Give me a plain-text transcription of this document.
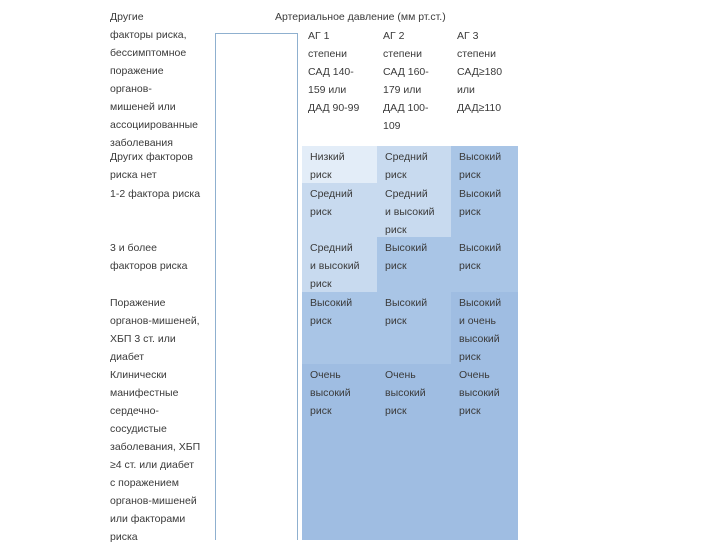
Другие
факторы риска,
бессимптомное
поражение
органов-
мишеней или
ассоциированные
заболевания
Артериальное давление (мм рт.ст.)
АГ 1
степени
САД 140-
159 или
ДАД 90-99
АГ 2
степени
САД 160-
179 или
ДАД 100-
109
АГ 3
степени
САД≥180
или
ДАД≥110
Других факторов
риска нет
1-2 фактора риска
3 и более
факторов риска
Поражение
органов-мишеней,
ХБП 3 ст. или
диабет
Клинически
манифестные
сердечно-
сосудистые
заболевания, ХБП
≥4 ст. или диабет
с поражением
органов-мишеней
или факторами
риска
Низкий
риск
Средний
риск
Высокий
риск
Средний
риск
Средний
и высокий
риск
Высокий
риск
Средний
и высокий
риск
Высокий
риск
Высокий
риск
Высокий
риск
Высокий
риск
Высокий
и очень
высокий
риск
Очень
высокий
риск
Очень
высокий
риск
Очень
высокий
риск
